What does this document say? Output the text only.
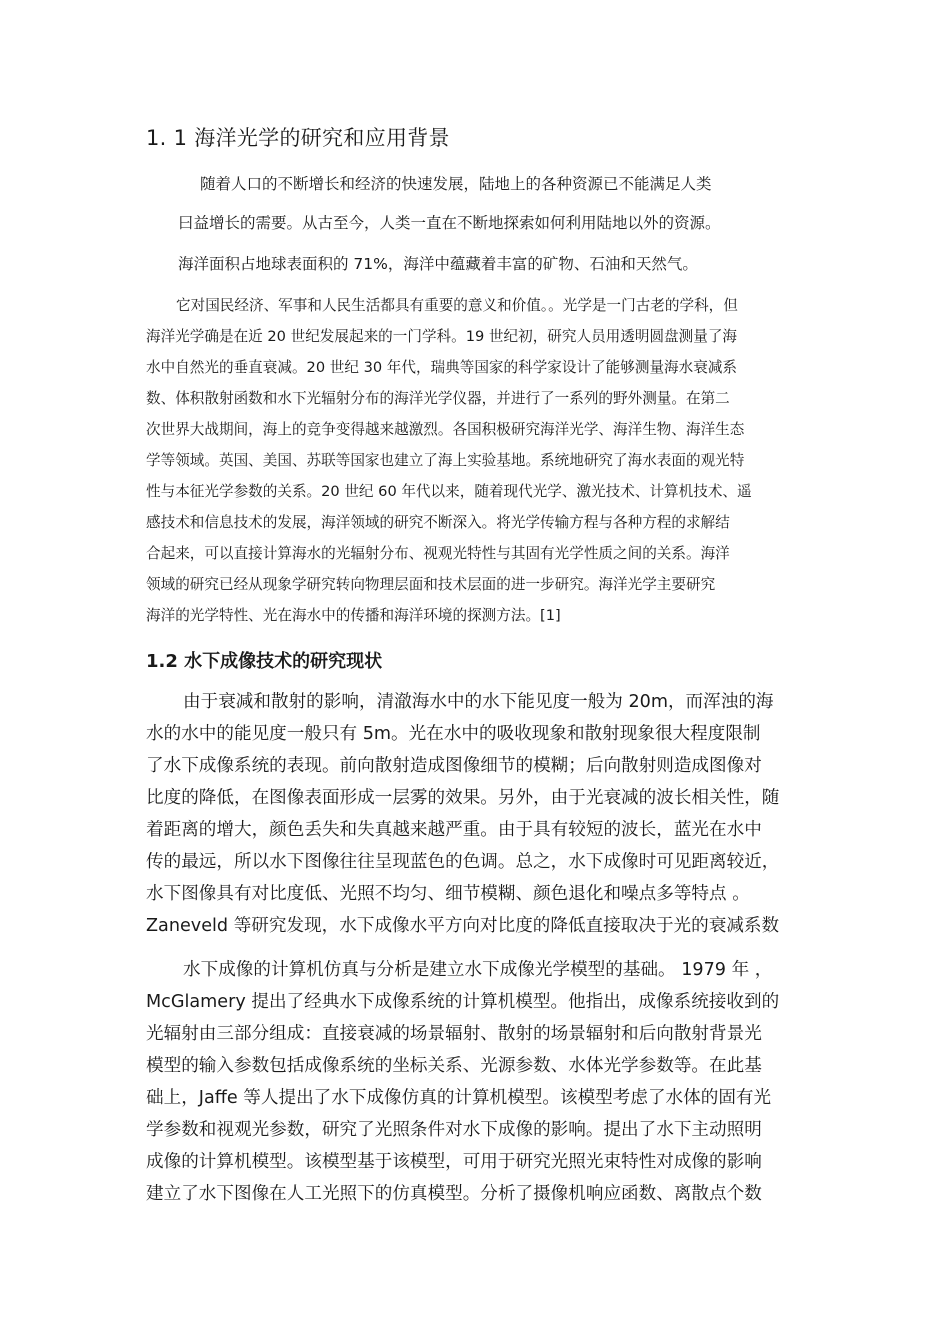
1. 1 海洋光学的研究和应用背景

随着人口的不断增长和经济的快速发展，陆地上的各种资源已不能满足人类

曰益增长的需要。从古至今，人类一直在不断地探索如何利用陆地以外的资源。

海洋面积占地球表面积的 71%，海洋中蕴藏着丰富的矿物、石油和天然气。

它对国民经济、军事和人民生活都具有重要的意义和价值。。光学是一门古老的学科，但

海洋光学确是在近 20 世纪发展起来的一门学科。19 世纪初，研究人员用透明圆盘测量了海

水中自然光的垂直衰减。20 世纪 30 年代，瑞典等国家的科学家设计了能够测量海水衰减系

数、体积散射函数和水下光辐射分布的海洋光学仪器，并进行了一系列的野外测量。在第二

次世界大战期间，海上的竞争变得越来越激烈。各国积极研究海洋光学、海洋生物、海洋生态

学等领域。英国、美国、苏联等国家也建立了海上实验基地。系统地研究了海水表面的观光特

性与本征光学参数的关系。20 世纪 60 年代以来，随着现代光学、激光技术、计算机技术、遥

感技术和信息技术的发展，海洋领域的研究不断深入。将光学传输方程与各种方程的求解结

合起来，可以直接计算海水的光辐射分布、视观光特性与其固有光学性质之间的关系。海洋

领域的研究已经从现象学研究转向物理层面和技术层面的进一步研究。海洋光学主要研究

海洋的光学特性、光在海水中的传播和海洋环境的探测方法。[1]

1.2 水下成像技术的研究现状

由于衰减和散射的影响，清澈海水中的水下能见度一般为 20m，而浑浊的海

水的水中的能见度一般只有 5m。光在水中的吸收现象和散射现象很大程度限制

了水下成像系统的表现。前向散射造成图像细节的模糊；后向散射则造成图像对

比度的降低，在图像表面形成一层雾的效果。另外，由于光衰减的波长相关性，随

着距离的增大，颜色丢失和失真越来越严重。由于具有较短的波长，蓝光在水中

传的最远，所以水下图像往往呈现蓝色的色调。总之，水下成像时可见距离较近，

水下图像具有对比度低、光照不均匀、细节模糊、颜色退化和噪点多等特点 。

Zaneveld 等研究发现，水下成像水平方向对比度的降低直接取决于光的衰减系数

水下成像的计算机仿真与分析是建立水下成像光学模型的基础。 1979 年 ，

McGlamery 提出了经典水下成像系统的计算机模型。他指出，成像系统接收到的

光辐射由三部分组成：直接衰减的场景辐射、散射的场景辐射和后向散射背景光

模型的输入参数包括成像系统的坐标关系、光源参数、水体光学参数等。在此基

础上，Jaffe 等人提出了水下成像仿真的计算机模型。该模型考虑了水体的固有光

学参数和视观光参数，研究了光照条件对水下成像的影响。提出了水下主动照明

成像的计算机模型。该模型基于该模型，可用于研究光照光束特性对成像的影响

建立了水下图像在人工光照下的仿真模型。分析了摄像机响应函数、离散点个数
